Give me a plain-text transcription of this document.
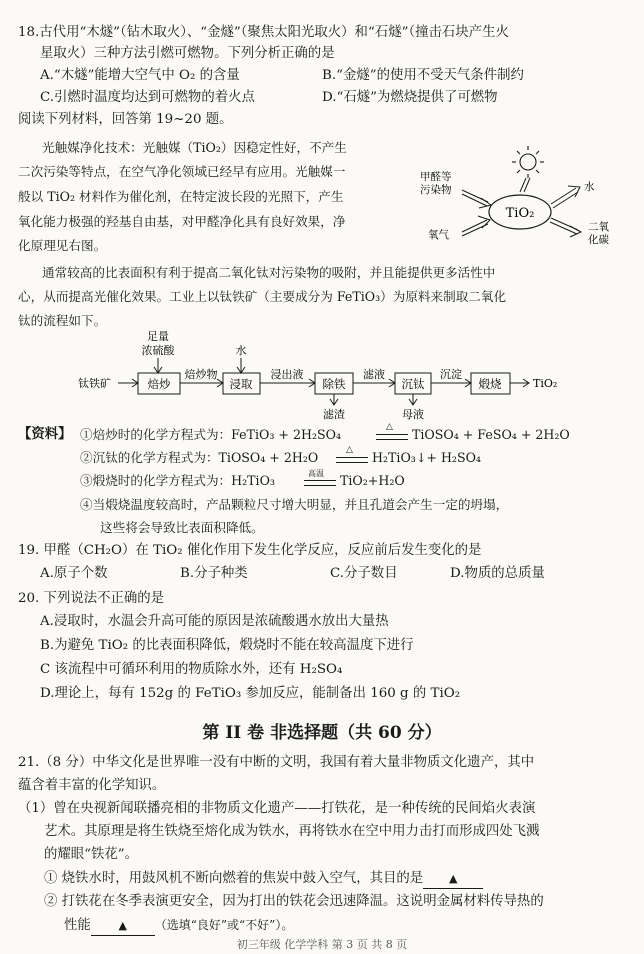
18.古代用“木燧”（钻木取火）、“金燧”（聚焦太阳光取火）和“石燧”（撞击石块产生火
星取火）三种方法引燃可燃物。下列分析正确的是
A.“木燧”能增大空气中 O₂ 的含量	B.“金燧”的使用不受天气条件制约
C.引燃时温度均达到可燃物的着火点	D.“石燧”为燃烧提供了可燃物
阅读下列材料，回答第 19~20 题。
光触媒净化技术：光触媒（TiO₂）因稳定性好，不产生
二次污染等特点，在空气净化领域已经早有应用。光触媒一
般以 TiO₂ 材料作为催化剂，在特定波长段的光照下，产生
氧化能力极强的羟基自由基，对甲醛净化具有良好效果，净
化原理见右图。
TiO₂
甲醛等
污染物
氧气
水
二氧
化碳
通常较高的比表面积有利于提高二氧化钛对污染物的吸附，并且能提供更多活性中
心，从而提高光催化效果。工业上以钛铁矿（主要成分为 FeTiO₃）为原料来制取二氧化
钛的流程如下。
足量
浓硫酸	水
钛铁矿	焙炒	浸取	除铁	沉钛	煅烧
焙炒物	浸出液	滤液	沉淀
TiO₂
滤渣	母液
【资料】 ①焙炒时的化学方程式为：FeTiO₃ + 2H₂SO₄	△ TiOSO₄ + FeSO₄ + 2H₂O
②沉钛的化学方程式为：TiOSO₄ + 2H₂O	△ H₂TiO₃↓+ H₂SO₄
③煅烧时的化学方程式为：H₂TiO₃	高温 TiO₂+H₂O
④当煅烧温度较高时，产品颗粒尺寸增大明显，并且孔道会产生一定的坍塌，
这些将会导致比表面积降低。
19. 甲醛（CH₂O）在 TiO₂ 催化作用下发生化学反应，反应前后发生变化的是
A.原子个数	B.分子种类	C.分子数目	D.物质的总质量
20. 下列说法不正确的是
A.浸取时，水温会升高可能的原因是浓硫酸遇水放出大量热
B.为避免 TiO₂ 的比表面积降低，煅烧时不能在较高温度下进行
C 该流程中可循环利用的物质除水外，还有 H₂SO₄
D.理论上，每有 152g 的 FeTiO₃ 参加反应，能制备出 160 g 的 TiO₂
第 II 卷 非选择题（共 60 分）
21.（8 分）中华文化是世界唯一没有中断的文明，我国有着大量非物质文化遗产，其中
蕴含着丰富的化学知识。
（1）曾在央视新闻联播亮相的非物质文化遗产——打铁花，是一种传统的民间焰火表演
艺术。其原理是将生铁烧至熔化成为铁水，再将铁水在空中用力击打而形成四处飞溅
的耀眼“铁花”。
① 烧铁水时，用鼓风机不断向燃着的焦炭中鼓入空气，其目的是 ▲
② 打铁花在冬季表演更安全，因为打出的铁花会迅速降温。这说明金属材料传导热的
性能	▲ （选填“良好”或“不好”）。
初三年级 化学学科 第 3 页 共 8 页
